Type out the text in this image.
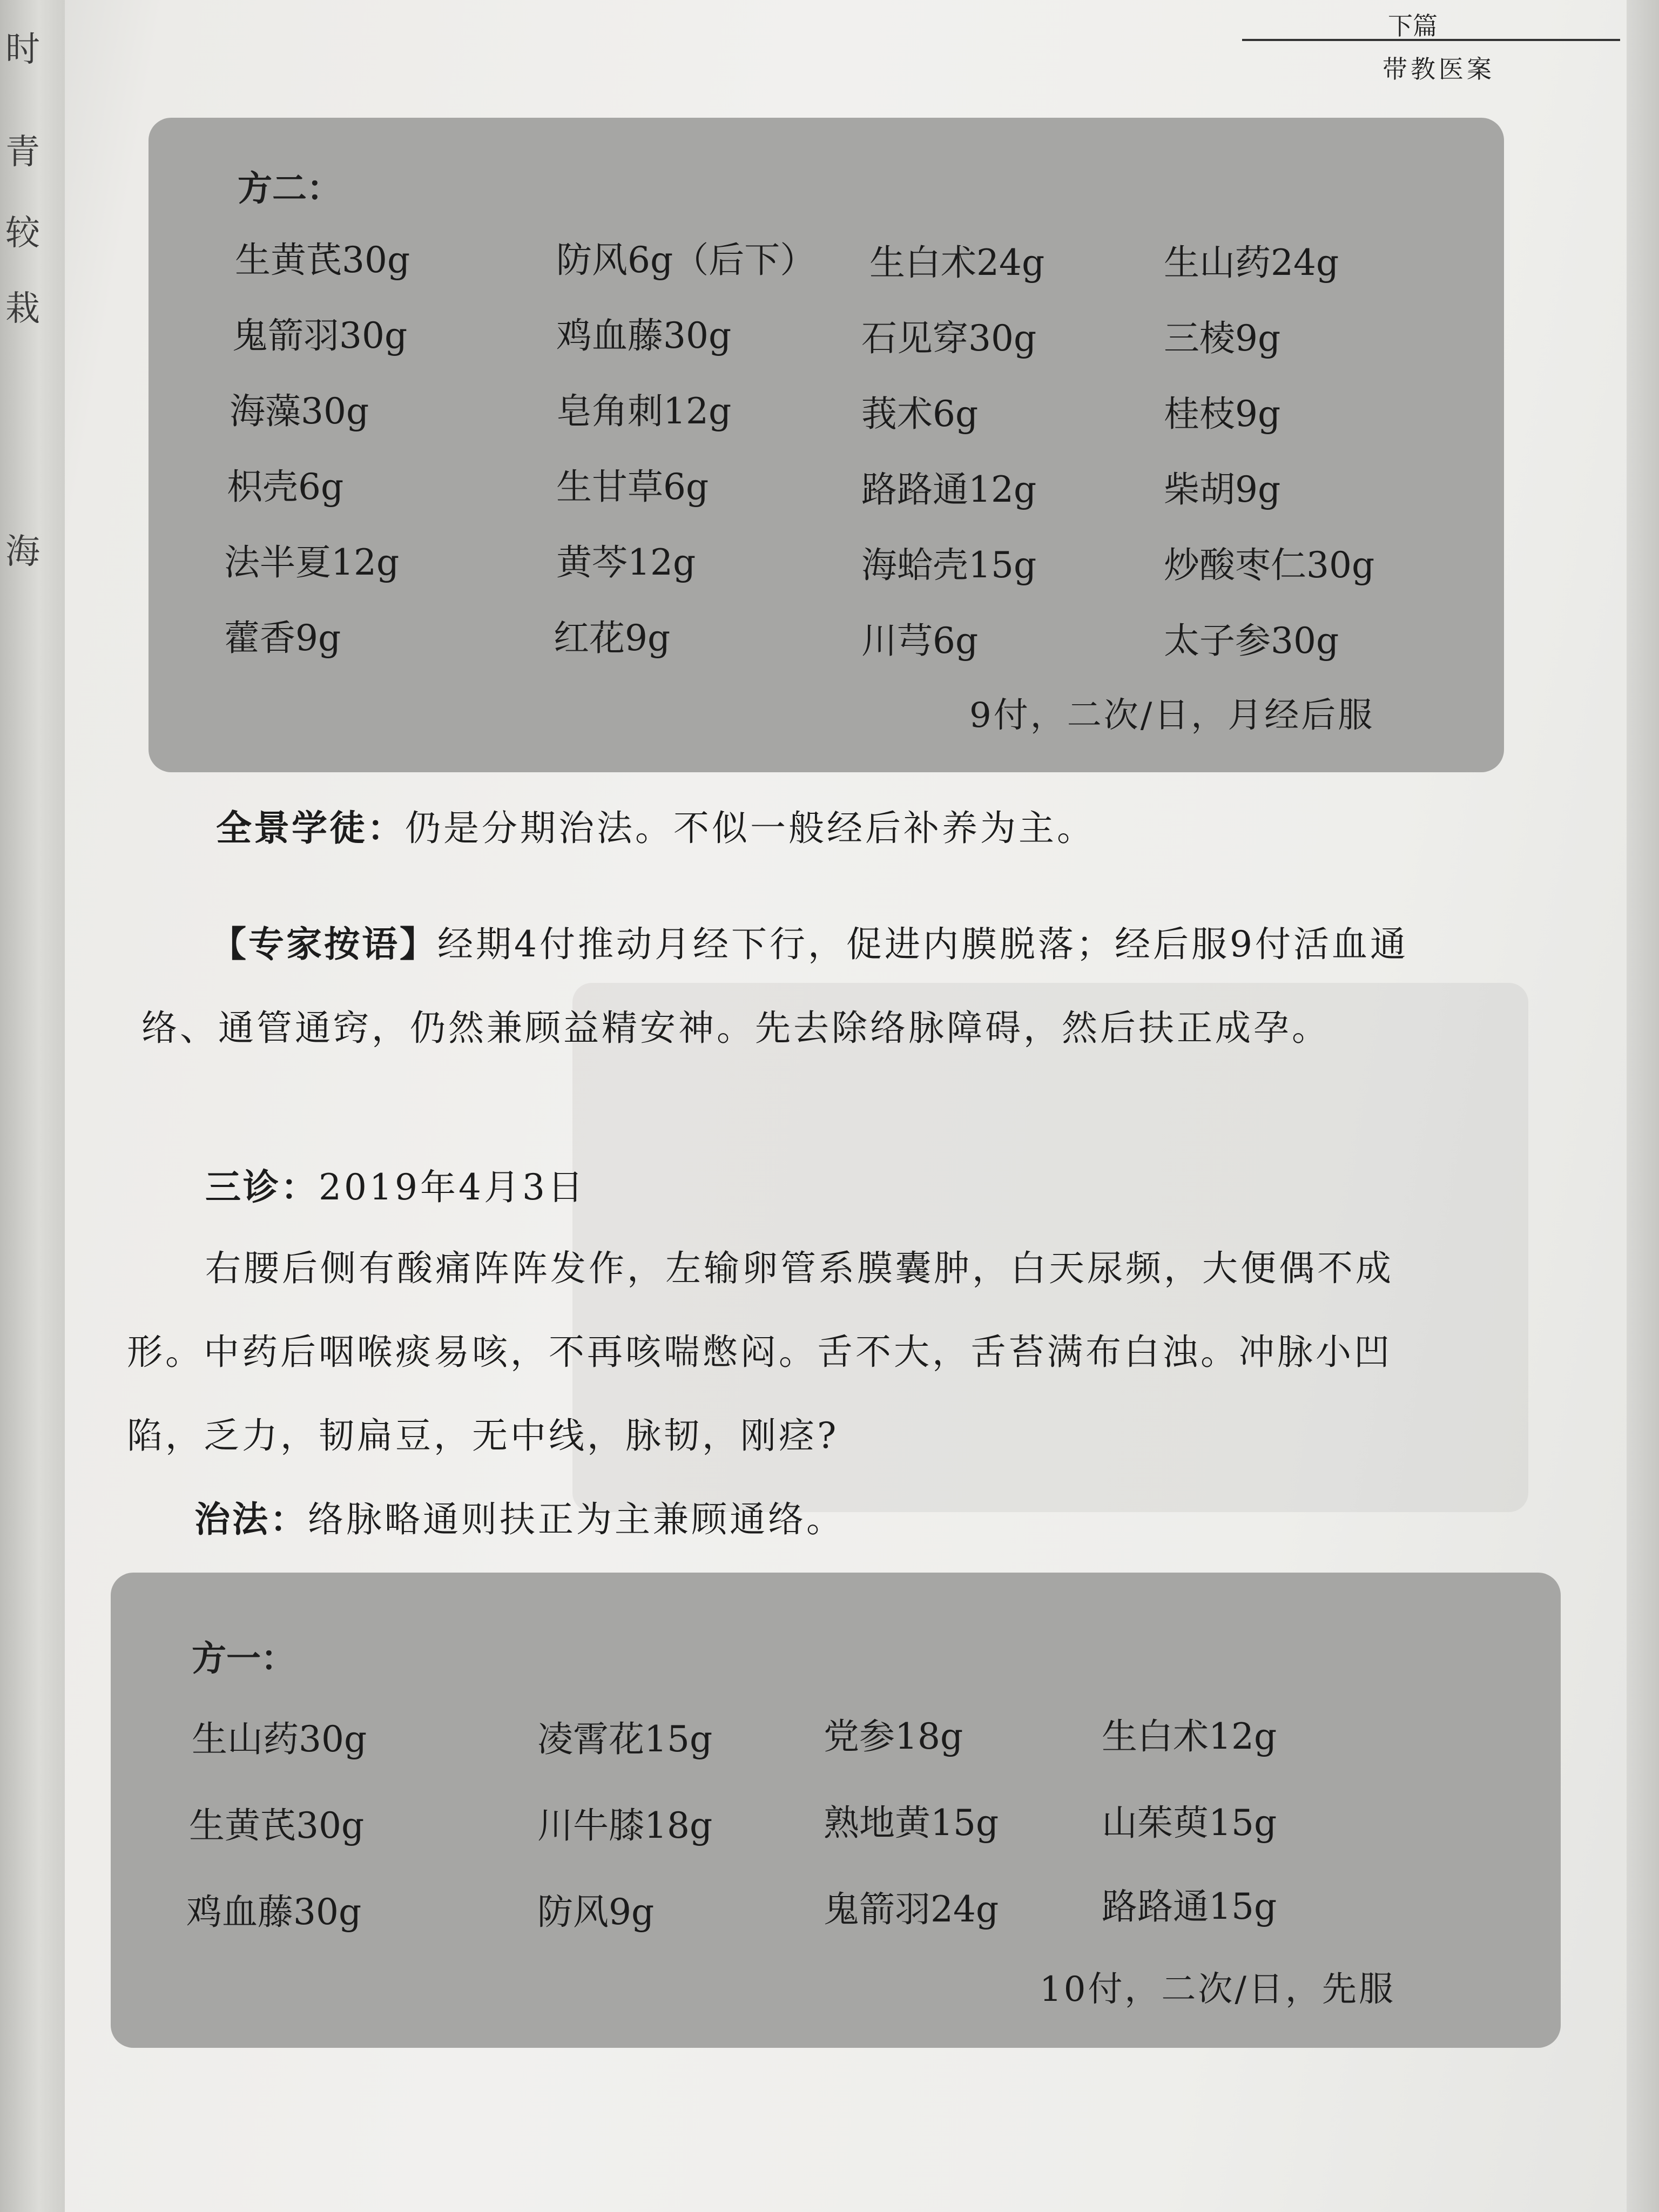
时
青
较
栽
海
下篇
带教医案
方二：
生黄芪30g	防风6g（后下） 生白术24g	生山药24g
鬼箭羽30g	鸡血藤30g	石见穿30g	三棱9g
海藻30g	皂角刺12g	莪术6g	桂枝9g
枳壳6g	生甘草6g	路路通12g	柴胡9g
法半夏12g	黄芩12g	海蛤壳15g	炒酸枣仁30g
藿香9g	红花9g	川芎6g	太子参30g
9付，二次/日，月经后服
全景学徒：仍是分期治法。不似一般经后补养为主。
【专家按语】经期4付推动月经下行，促进内膜脱落；经后服9付活血通
络、通管通窍，仍然兼顾益精安神。先去除络脉障碍，然后扶正成孕。
三诊：2019年4月3日
右腰后侧有酸痛阵阵发作，左输卵管系膜囊肿，白天尿频，大便偶不成
形。中药后咽喉痰易咳，不再咳喘憋闷。舌不大，舌苔满布白浊。冲脉小凹
陷，乏力，韧扁豆，无中线，脉韧，刚痉?
治法：络脉略通则扶正为主兼顾通络。
方一：
生山药30g	凌霄花15g	党参18g	生白术12g
生黄芪30g	川牛膝18g	熟地黄15g	山茱萸15g
鸡血藤30g	防风9g	鬼箭羽24g	路路通15g
10付，二次/日，先服
